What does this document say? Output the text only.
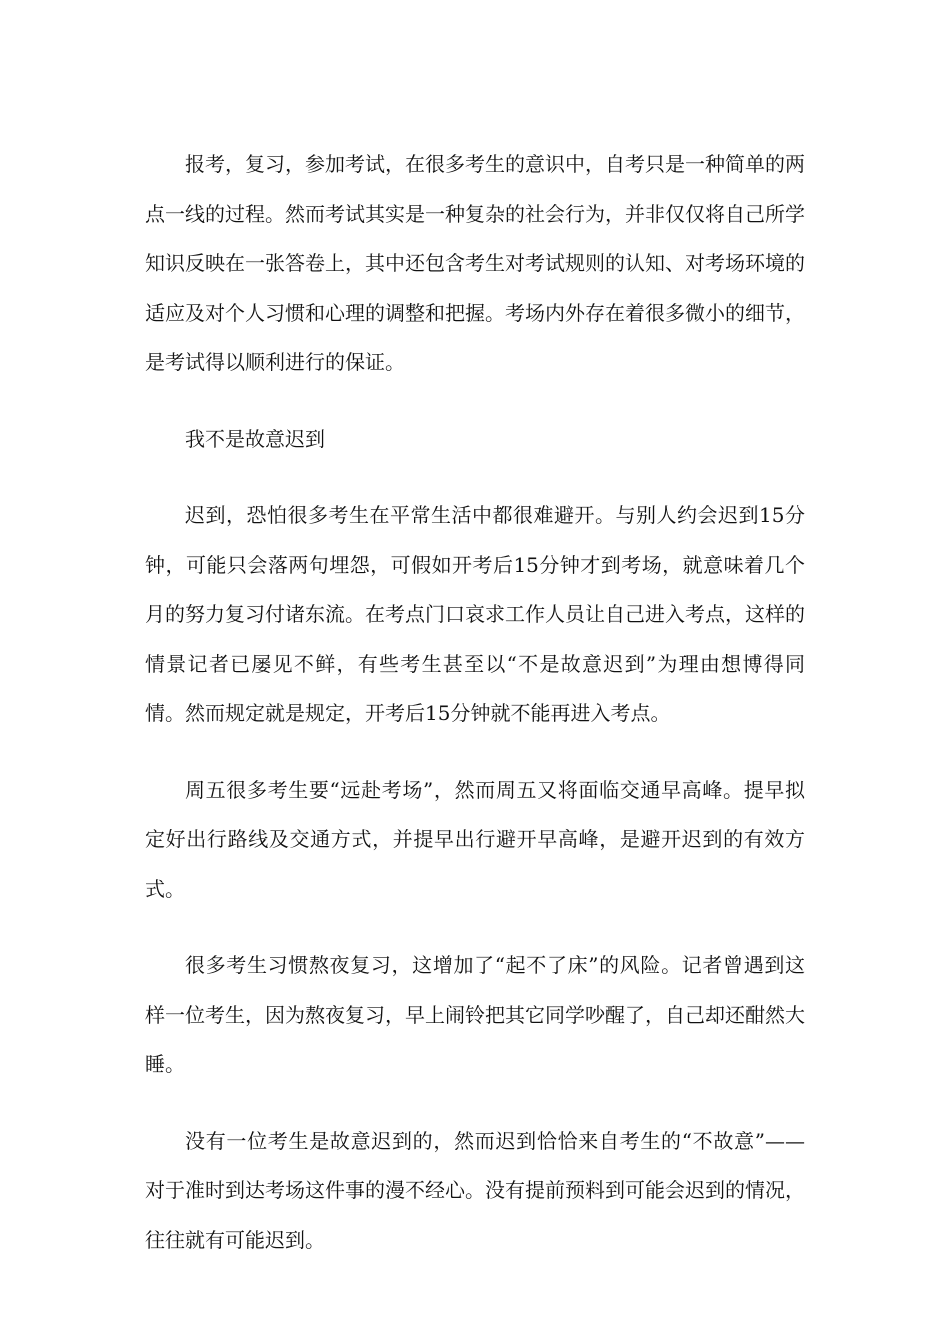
报考，复习，参加考试，在很多考生的意识中，自考只是一种简单的两点一线的过程。然而考试其实是一种复杂的社会行为，并非仅仅将自己所学知识反映在一张答卷上，其中还包含考生对考试规则的认知、对考场环境的适应及对个人习惯和心理的调整和把握。考场内外存在着很多微小的细节，是考试得以顺利进行的保证。

我不是故意迟到

迟到，恐怕很多考生在平常生活中都很难避开。与别人约会迟到15分钟，可能只会落两句埋怨，可假如开考后15分钟才到考场，就意味着几个月的努力复习付诸东流。在考点门口哀求工作人员让自己进入考点，这样的情景记者已屡见不鲜，有些考生甚至以“不是故意迟到”为理由想博得同情。然而规定就是规定，开考后15分钟就不能再进入考点。

周五很多考生要“远赴考场”，然而周五又将面临交通早高峰。提早拟定好出行路线及交通方式，并提早出行避开早高峰，是避开迟到的有效方式。

很多考生习惯熬夜复习，这增加了“起不了床”的风险。记者曾遇到这样一位考生，因为熬夜复习，早上闹铃把其它同学吵醒了，自己却还酣然大睡。

没有一位考生是故意迟到的，然而迟到恰恰来自考生的“不故意”——对于准时到达考场这件事的漫不经心。没有提前预料到可能会迟到的情况，往往就有可能迟到。
